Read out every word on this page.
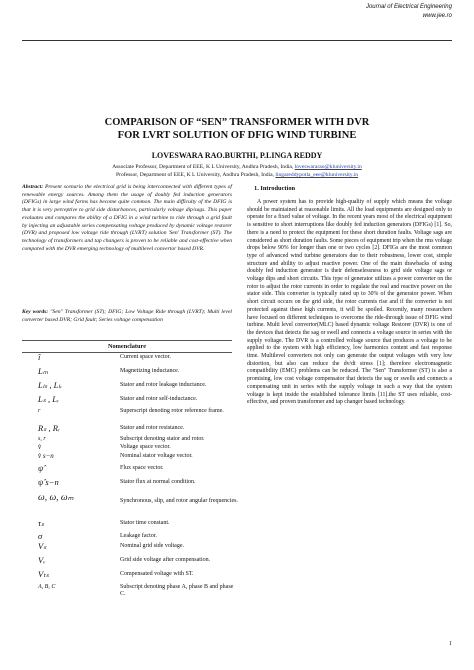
Journal of Electrical Engineering
www.jee.ro
COMPARISON OF “SEN” TRANSFORMER WITH DVR
FOR LVRT SOLUTION OF DFIG WIND TURBINE
LOVESWARA RAO.BURTHI, P.LINGA REDDY
Associate Professor, Department of EEE, K L University, Andhra Pradesh, India, loveswararao@kluniversity.in
Professor, Department of EEE, K L University, Andhra Pradesh, India, lingareddypotla_eee@kluniversity.in
Abstract: Present scenario the electrical grid is being interconnected with different types of renewable energy sources. Among them the usage of doubly fed induction generators (DFIGs) in large wind farms has become quite common. The main difficulty of the DFIG is that it is very perceptive to grid side disturbances, particularly voltage dip/sags. This paper evaluates and compares the ability of a DFIG in a wind turbine to ride through a grid fault by injecting an adjustable series compensating voltage produced by dynamic voltage restorer (DVR) and proposed low voltage ride through (LVRT) solution 'Sen' Transformer (ST). The technology of transformers and tap changers is proven to be reliable and cost-effective when compared with the DVR emerging technology of multilevel convertor based DVR.
Key words: "Sen" Transformer (ST); DFIG; Low Voltage Ride through (LVRT); Multi level converter based DVR; Grid fault; Series voltage compensation
Nomenclature
î	Current space vector.
Lₘ	Magnetizing inductance.
Lₗₛ , Lₗᵣ	Stator and rotor leakage inductance.
Lₛ , Lᵣ	Stator and rotor self-inductance.
r	Superscript denoting rotor reference frame.
Rₛ , Rᵣ	Stator and rotor resistance.
s, r	Subscript denoting stator and rotor.
v̂	Voltage space vector.
v̂ s−n	Nominal stator voltage vector.
ψ̂	Flux space vector.
ψ̂ s−n	Stator flux at normal condition.
ω, ω, ωₘ	Synchronous, slip, and rotor angular frequencies.
τₛ	Stator time constant.
σ	Leakage factor.
Vₛ	Nominal grid side voltage.
Vᵥ	Grid side voltage after compensation.
Vₜₛ	Compensated voltage with ST.
A, B, C	Subscript denoting phase A, phase B and phase C.
1. Introduction
A power system has to provide high-quality of supply which means the voltage should be maintained at reasonable limits. All the load equipments are designed only to operate for a fixed value of voltage. In the recent years most of the electrical equipment is sensitive to short interruptions like doubly fed induction generators (DFIGs) [1]. So, there is a need to protect the equipment for these short duration faults. Voltage sags are considered as short duration faults. Some pieces of equipment trip when the rms voltage drops below 90% for longer than one or two cycles [2]. DFIGs are the most common type of advanced wind turbine generators due to their robustness, lower cost, simple structure and ability to adjust reactive power. One of the main drawbacks of using doubly fed induction generator is their defenselessness to grid side voltage sags or voltage dips and short circuits. This type of generator utilizes a power converter on the rotor to adjust the rotor currents in order to regulate the real and reactive power on the stator side. This converter is typically rated up to 30% of the generator power. When short circuit occurs on the grid side, the rotor currents rise and if the converter is not protected against these high currents, it will be spoiled. Recently, many researchers have focused on different techniques to overcome the ride-through issue of DFIG wind turbine. Multi level convertor(MLC) based dynamic voltage Restorer (DVR) is one of the devices that detects the sag or swell and connects a voltage source in series with the supply voltage. The DVR is a controlled voltage source that produces a voltage to be applied to the system with high efficiency, low harmonics content and fast response time. Multilevel converters not only can generate the output voltages with very low distortion, but also can reduce the dv/dt stress [1]; therefore electromagnetic compatibility (EMC) problems can be reduced. The "Sen" Transformer (ST) is also a promising, low cost voltage compensator that detects the sag or swells and connects a compensating unit in series with the supply voltage in such a way that the system voltage is kept inside the established tolerance limits [11].the ST uses reliable, cost-effective, and proven transformer and tap changer based technology.
1
